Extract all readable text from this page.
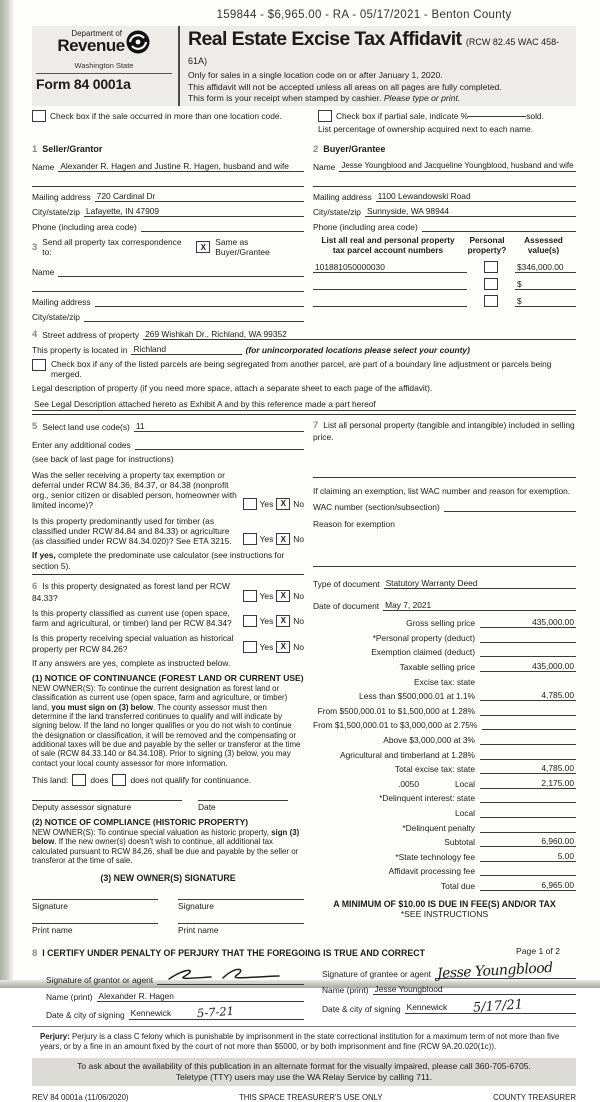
159844 - $6,965.00 - RA - 05/17/2021 - Benton County
Department of
Revenue
Washington State
Form 84 0001a
Real Estate Excise Tax Affidavit (RCW 82.45 WAC 458-61A)
Only for sales in a single location code on or after January 1, 2020.
This affidavit will not be accepted unless all areas on all pages are fully completed.
This form is your receipt when stamped by cashier. Please type or print.
Check box if the sale occurred in more than one location code.	Check box if partial sale, indicate %	sold.
List percentage of ownership acquired next to each name.
1 Seller/Grantor
Name Alexander R. Hagen and Justine R. Hagen, husband and wife
Mailing address 720 Cardinal Dr
City/state/zip Lafayette, IN 47909
Phone (including area code)
3 Send all property tax correspondence to:	X	Same as Buyer/Grantee
Name
Mailing address
City/state/zip
2 Buyer/Grantee
Name Jesse Youngblood and Jacqueline Youngblood, husband and wife
Mailing address 1100 Lewandowski Road
City/state/zip Sunnyside, WA 98944
Phone (including area code)
List all real and personal property
tax parcel account numbers
Personal
property?
Assessed
value(s)
101881050000030	$346,000.00
$
$
4 Street address of property 269 Wishkah Dr., Richland, WA 99352
This property is located in Richland	(for unincorporated locations please select your county)
Check box if any of the listed parcels are being segregated from another parcel, are part of a boundary line adjustment or parcels being merged.
Legal description of property (if you need more space, attach a separate sheet to each page of the affidavit).
See Legal Description attached hereto as Exhibit A and by this reference made a part hereof
5 Select land use code(s) 11
Enter any additional codes
(see back of last page for instructions)
Was the seller receiving a property tax exemption or deferral under RCW 84.36, 84.37, or 84.38 (nonprofit org., senior citizen or disabled person, homeowner with limited income)?	Yes X No
Is this property predominantly used for timber (as classified under RCW 84.84 and 84.33) or agriculture (as classified under RCW 84.34.020)? See ETA 3215.	Yes X No
If yes, complete the predominate use calculator (see instructions for section 5).
6 Is this property designated as forest land per RCW 84.33?	Yes X No
Is this property classified as current use (open space, farm and agricultural, or timber) land per RCW 84.34?	Yes X No
Is this property receiving special valuation as historical property per RCW 84.26?	Yes X No
If any answers are yes, complete as instructed below.
(1) NOTICE OF CONTINUANCE (FOREST LAND OR CURRENT USE)
NEW OWNER(S): To continue the current designation as forest land or classification as current use (open space, farm and agriculture, or timber) land, you must sign on (3) below. The county assessor must then determine if the land transferred continues to qualify and will indicate by signing below. If the land no longer qualifies or you do not wish to continue the designation or classification, it will be removed and the compensating or additional taxes will be due and payable by the seller or transferor at the time of sale (RCW 84.33.140 or 84.34.108). Prior to signing (3) below, you may contact your local county assessor for more information.
This land:	does	does not qualify for continuance.
Deputy assessor signature	Date
(2) NOTICE OF COMPLIANCE (HISTORIC PROPERTY)
NEW OWNER(S): To continue special valuation as historic property, sign (3) below. If the new owner(s) doesn't wish to continue, all additional tax calculated pursuant to RCW 84.26, shall be due and payable by the seller or transferor at the time of sale.
(3) NEW OWNER(S) SIGNATURE
Signature	Signature
Print name	Print name
7 List all personal property (tangible and intangible) included in selling price.
If claiming an exemption, list WAC number and reason for exemption.
WAC number (section/subsection)
Reason for exemption
Type of document Statutory Warranty Deed
Date of document May 7, 2021
Gross selling price	435,000.00
*Personal property (deduct)
Exemption claimed (deduct)
Taxable selling price	435,000.00
Excise tax: state
Less than $500,000.01 at 1.1%	4,785.00
From $500,000.01 to $1,500,000 at 1.28%
From $1,500,000.01 to $3,000,000 at 2.75%
Above $3,000,000 at 3%
Agricultural and timberland at 1.28%
Total excise tax: state	4,785.00
.0050	Local	2,175.00
*Delinquent interest: state
Local
*Delinquent penalty
Subtotal	6,960.00
*State technology fee	5.00
Affidavit processing fee
Total due	6,965.00
A MINIMUM OF $10.00 IS DUE IN FEE(S) AND/OR TAX
*SEE INSTRUCTIONS
8 I CERTIFY UNDER PENALTY OF PERJURY THAT THE FOREGOING IS TRUE AND CORRECT
Signature of grantor or agent
Name (print) Alexander R. Hagen
Date & city of signing Kennewick 5-7-21
Signature of grantee or agent Jesse Youngblood
Name (print) Jesse Youngblood
Date & city of signing Kennewick 5/17/21
Perjury: Perjury is a class C felony which is punishable by imprisonment in the state correctional institution for a maximum term of not more than five years, or by a fine in an amount fixed by the court of not more than $5000, or by both imprisonment and fine (RCW 9A.20.020(1c)).
To ask about the availability of this publication in an alternate format for the visually impaired, please call 360-705-6705. Teletype (TTY) users may use the WA Relay Service by calling 711.
REV 84 0001a (11/06/2020)	THIS SPACE TREASURER'S USE ONLY	COUNTY TREASURER
Page 1 of 2
